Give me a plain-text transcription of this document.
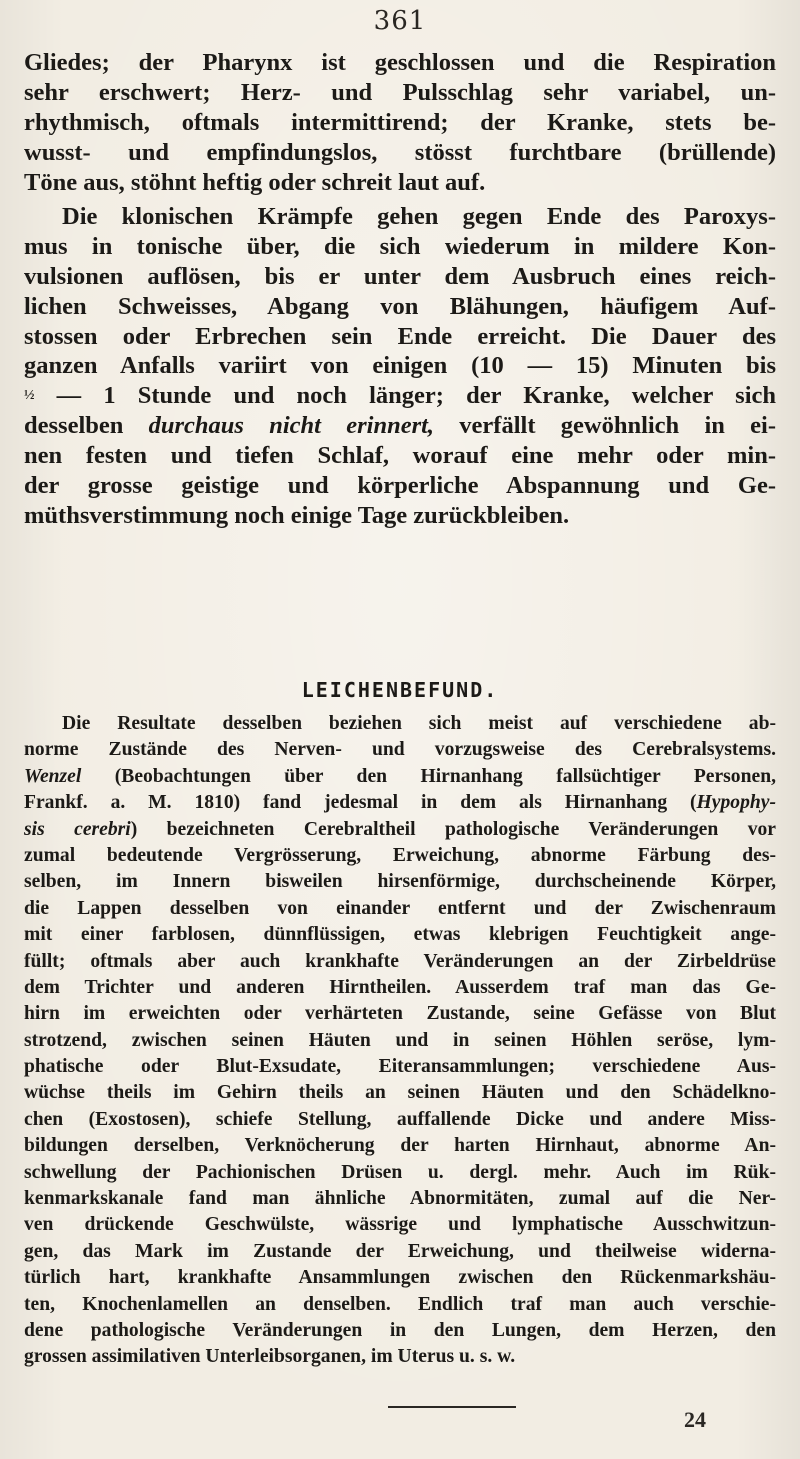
361
Gliedes; der Pharynx ist geschlossen und die Respiration
sehr erschwert; Herz- und Pulsschlag sehr variabel, un-
rhythmisch, oftmals intermittirend; der Kranke, stets be-
wusst- und empfindungslos, stösst furchtbare (brüllende)
Töne aus, stöhnt heftig oder schreit laut auf.
Die klonischen Krämpfe gehen gegen Ende des Paroxys-
mus in tonische über, die sich wiederum in mildere Kon-
vulsionen auflösen, bis er unter dem Ausbruch eines reich-
lichen Schweisses, Abgang von Blähungen, häufigem Auf-
stossen oder Erbrechen sein Ende erreicht. Die Dauer des
ganzen Anfalls variirt von einigen (10 — 15) Minuten bis
½ — 1 Stunde und noch länger; der Kranke, welcher sich
desselben durchaus nicht erinnert, verfällt gewöhnlich in ei-
nen festen und tiefen Schlaf, worauf eine mehr oder min-
der grosse geistige und körperliche Abspannung und Ge-
müthsverstimmung noch einige Tage zurückbleiben.
LEICHENBEFUND.
Die Resultate desselben beziehen sich meist auf verschiedene ab-
norme Zustände des Nerven- und vorzugsweise des Cerebralsystems.
Wenzel (Beobachtungen über den Hirnanhang fallsüchtiger Personen,
Frankf. a. M. 1810) fand jedesmal in dem als Hirnanhang (Hypophy-
sis cerebri) bezeichneten Cerebraltheil pathologische Veränderungen vor
zumal bedeutende Vergrösserung, Erweichung, abnorme Färbung des-
selben, im Innern bisweilen hirsenförmige, durchscheinende Körper,
die Lappen desselben von einander entfernt und der Zwischenraum
mit einer farblosen, dünnflüssigen, etwas klebrigen Feuchtigkeit ange-
füllt; oftmals aber auch krankhafte Veränderungen an der Zirbeldrüse
dem Trichter und anderen Hirntheilen. Ausserdem traf man das Ge-
hirn im erweichten oder verhärteten Zustande, seine Gefässe von Blut
strotzend, zwischen seinen Häuten und in seinen Höhlen seröse, lym-
phatische oder Blut-Exsudate, Eiteransammlungen; verschiedene Aus-
wüchse theils im Gehirn theils an seinen Häuten und den Schädelkno-
chen (Exostosen), schiefe Stellung, auffallende Dicke und andere Miss-
bildungen derselben, Verknöcherung der harten Hirnhaut, abnorme An-
schwellung der Pachionischen Drüsen u. dergl. mehr. Auch im Rük-
kenmarkskanale fand man ähnliche Abnormitäten, zumal auf die Ner-
ven drückende Geschwülste, wässrige und lymphatische Ausschwitzun-
gen, das Mark im Zustande der Erweichung, und theilweise widerna-
türlich hart, krankhafte Ansammlungen zwischen den Rückenmarkshäu-
ten, Knochenlamellen an denselben. Endlich traf man auch verschie-
dene pathologische Veränderungen in den Lungen, dem Herzen, den
grossen assimilativen Unterleibsorganen, im Uterus u. s. w.
24
